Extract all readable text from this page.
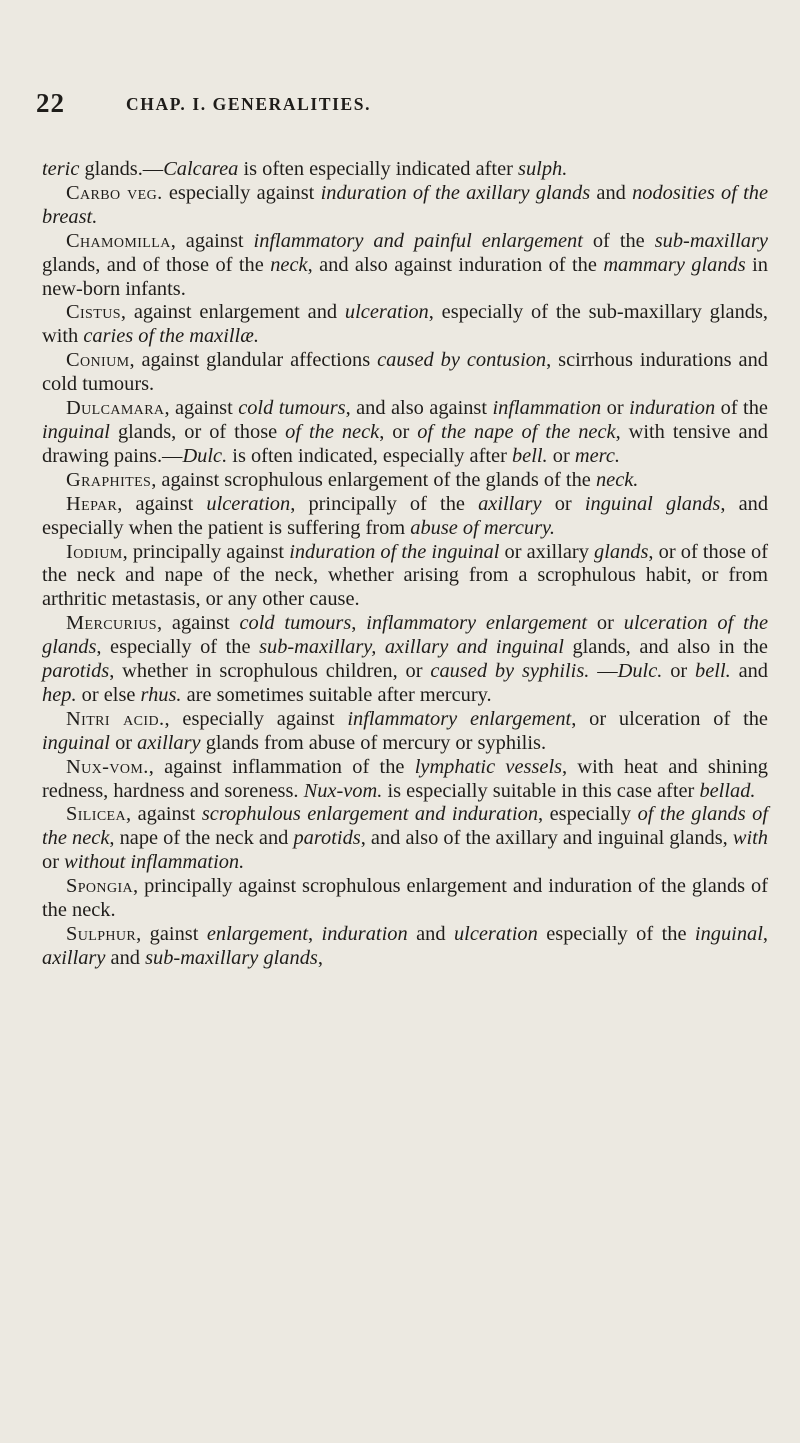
22	CHAP. I. GENERALITIES.

teric glands.—Calcarea is often especially indicated after sulph.

Carbo veg. especially against induration of the axillary glands and nodosities of the breast.

Chamomilla, against inflammatory and painful enlargement of the sub-maxillary glands, and of those of the neck, and also against induration of the mammary glands in new-born infants.

Cistus, against enlargement and ulceration, especially of the sub-maxillary glands, with caries of the maxillæ.

Conium, against glandular affections caused by contusion, scirrhous indurations and cold tumours.

Dulcamara, against cold tumours, and also against inflammation or induration of the inguinal glands, or of those of the neck, or of the nape of the neck, with tensive and drawing pains.—Dulc. is often indicated, especially after bell. or merc.

Graphites, against scrophulous enlargement of the glands of the neck.

Hepar, against ulceration, principally of the axillary or inguinal glands, and especially when the patient is suffering from abuse of mercury.

Iodium, principally against induration of the inguinal or axillary glands, or of those of the neck and nape of the neck, whether arising from a scrophulous habit, or from arthritic metastasis, or any other cause.

Mercurius, against cold tumours, inflammatory enlargement or ulceration of the glands, especially of the sub-maxillary, axillary and inguinal glands, and also in the parotids, whether in scrophulous children, or caused by syphilis. —Dulc. or bell. and hep. or else rhus. are sometimes suitable after mercury.

Nitri acid., especially against inflammatory enlargement, or ulceration of the inguinal or axillary glands from abuse of mercury or syphilis.

Nux-vom., against inflammation of the lymphatic vessels, with heat and shining redness, hardness and soreness. Nux-vom. is especially suitable in this case after bellad.

Silicea, against scrophulous enlargement and induration, especially of the glands of the neck, nape of the neck and parotids, and also of the axillary and inguinal glands, with or without inflammation.

Spongia, principally against scrophulous enlargement and induration of the glands of the neck.

Sulphur, gainst enlargement, induration and ulceration especially of the inguinal, axillary and sub-maxillary glands,
